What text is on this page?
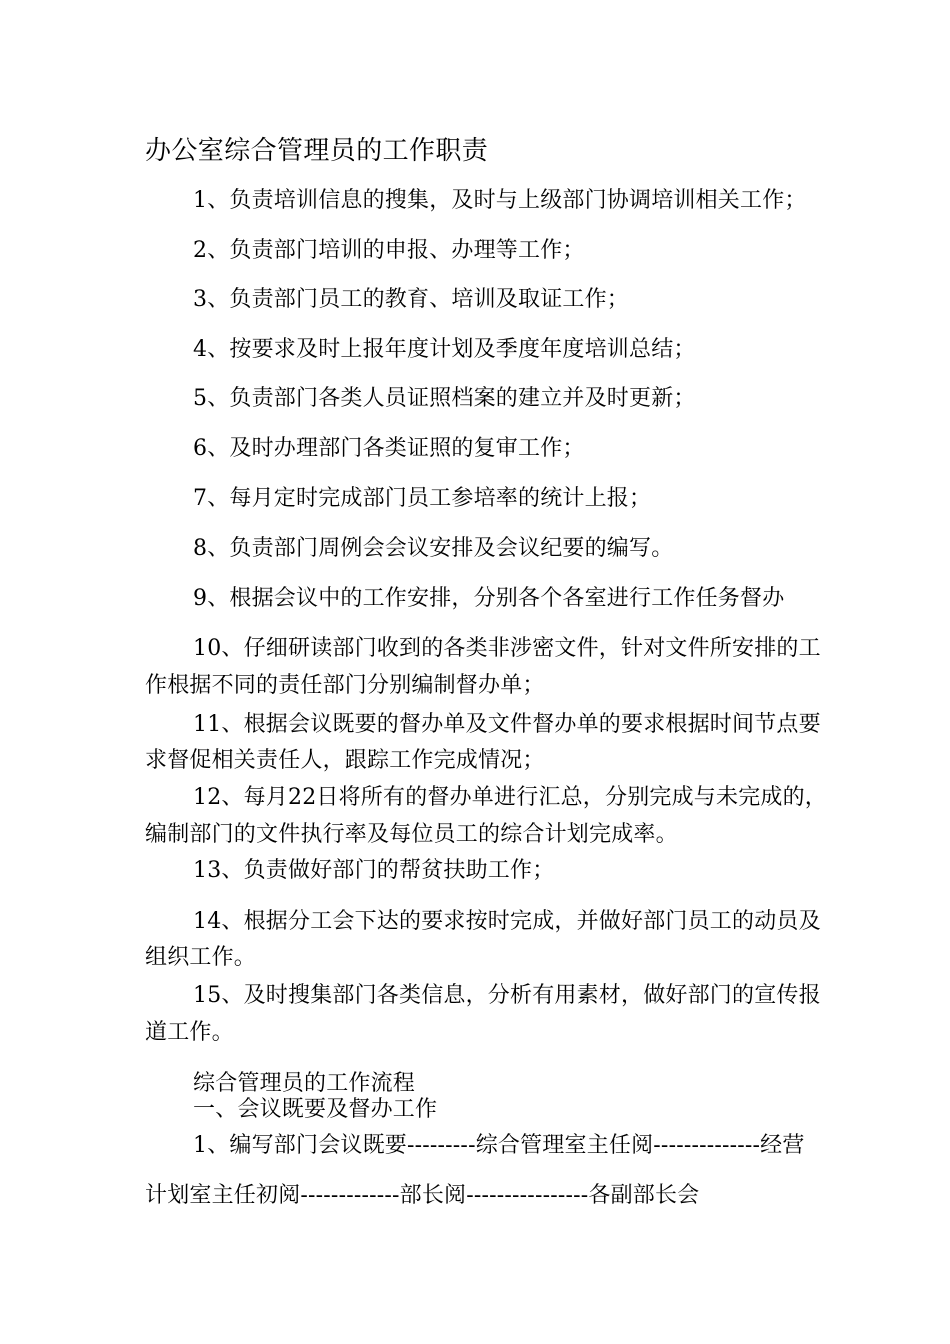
办公室综合管理员的工作职责
1、负责培训信息的搜集，及时与上级部门协调培训相关工作；
2、负责部门培训的申报、办理等工作；
3、负责部门员工的教育、培训及取证工作；
4、按要求及时上报年度计划及季度年度培训总结；
5、负责部门各类人员证照档案的建立并及时更新；
6、及时办理部门各类证照的复审工作；
7、每月定时完成部门员工参培率的统计上报；
8、负责部门周例会会议安排及会议纪要的编写。
9、根据会议中的工作安排，分别各个各室进行工作任务督办
10、仔细研读部门收到的各类非涉密文件，针对文件所安排的工
作根据不同的责任部门分别编制督办单；
11、根据会议既要的督办单及文件督办单的要求根据时间节点要
求督促相关责任人，跟踪工作完成情况；
12、每月22日将所有的督办单进行汇总，分别完成与未完成的，
编制部门的文件执行率及每位员工的综合计划完成率。
13、负责做好部门的帮贫扶助工作；
14、根据分工会下达的要求按时完成，并做好部门员工的动员及
组织工作。
15、及时搜集部门各类信息，分析有用素材，做好部门的宣传报
道工作。
综合管理员的工作流程
一、会议既要及督办工作
1、编写部门会议既要---------综合管理室主任阅--------------经营
计划室主任初阅-------------部长阅----------------各副部长会
